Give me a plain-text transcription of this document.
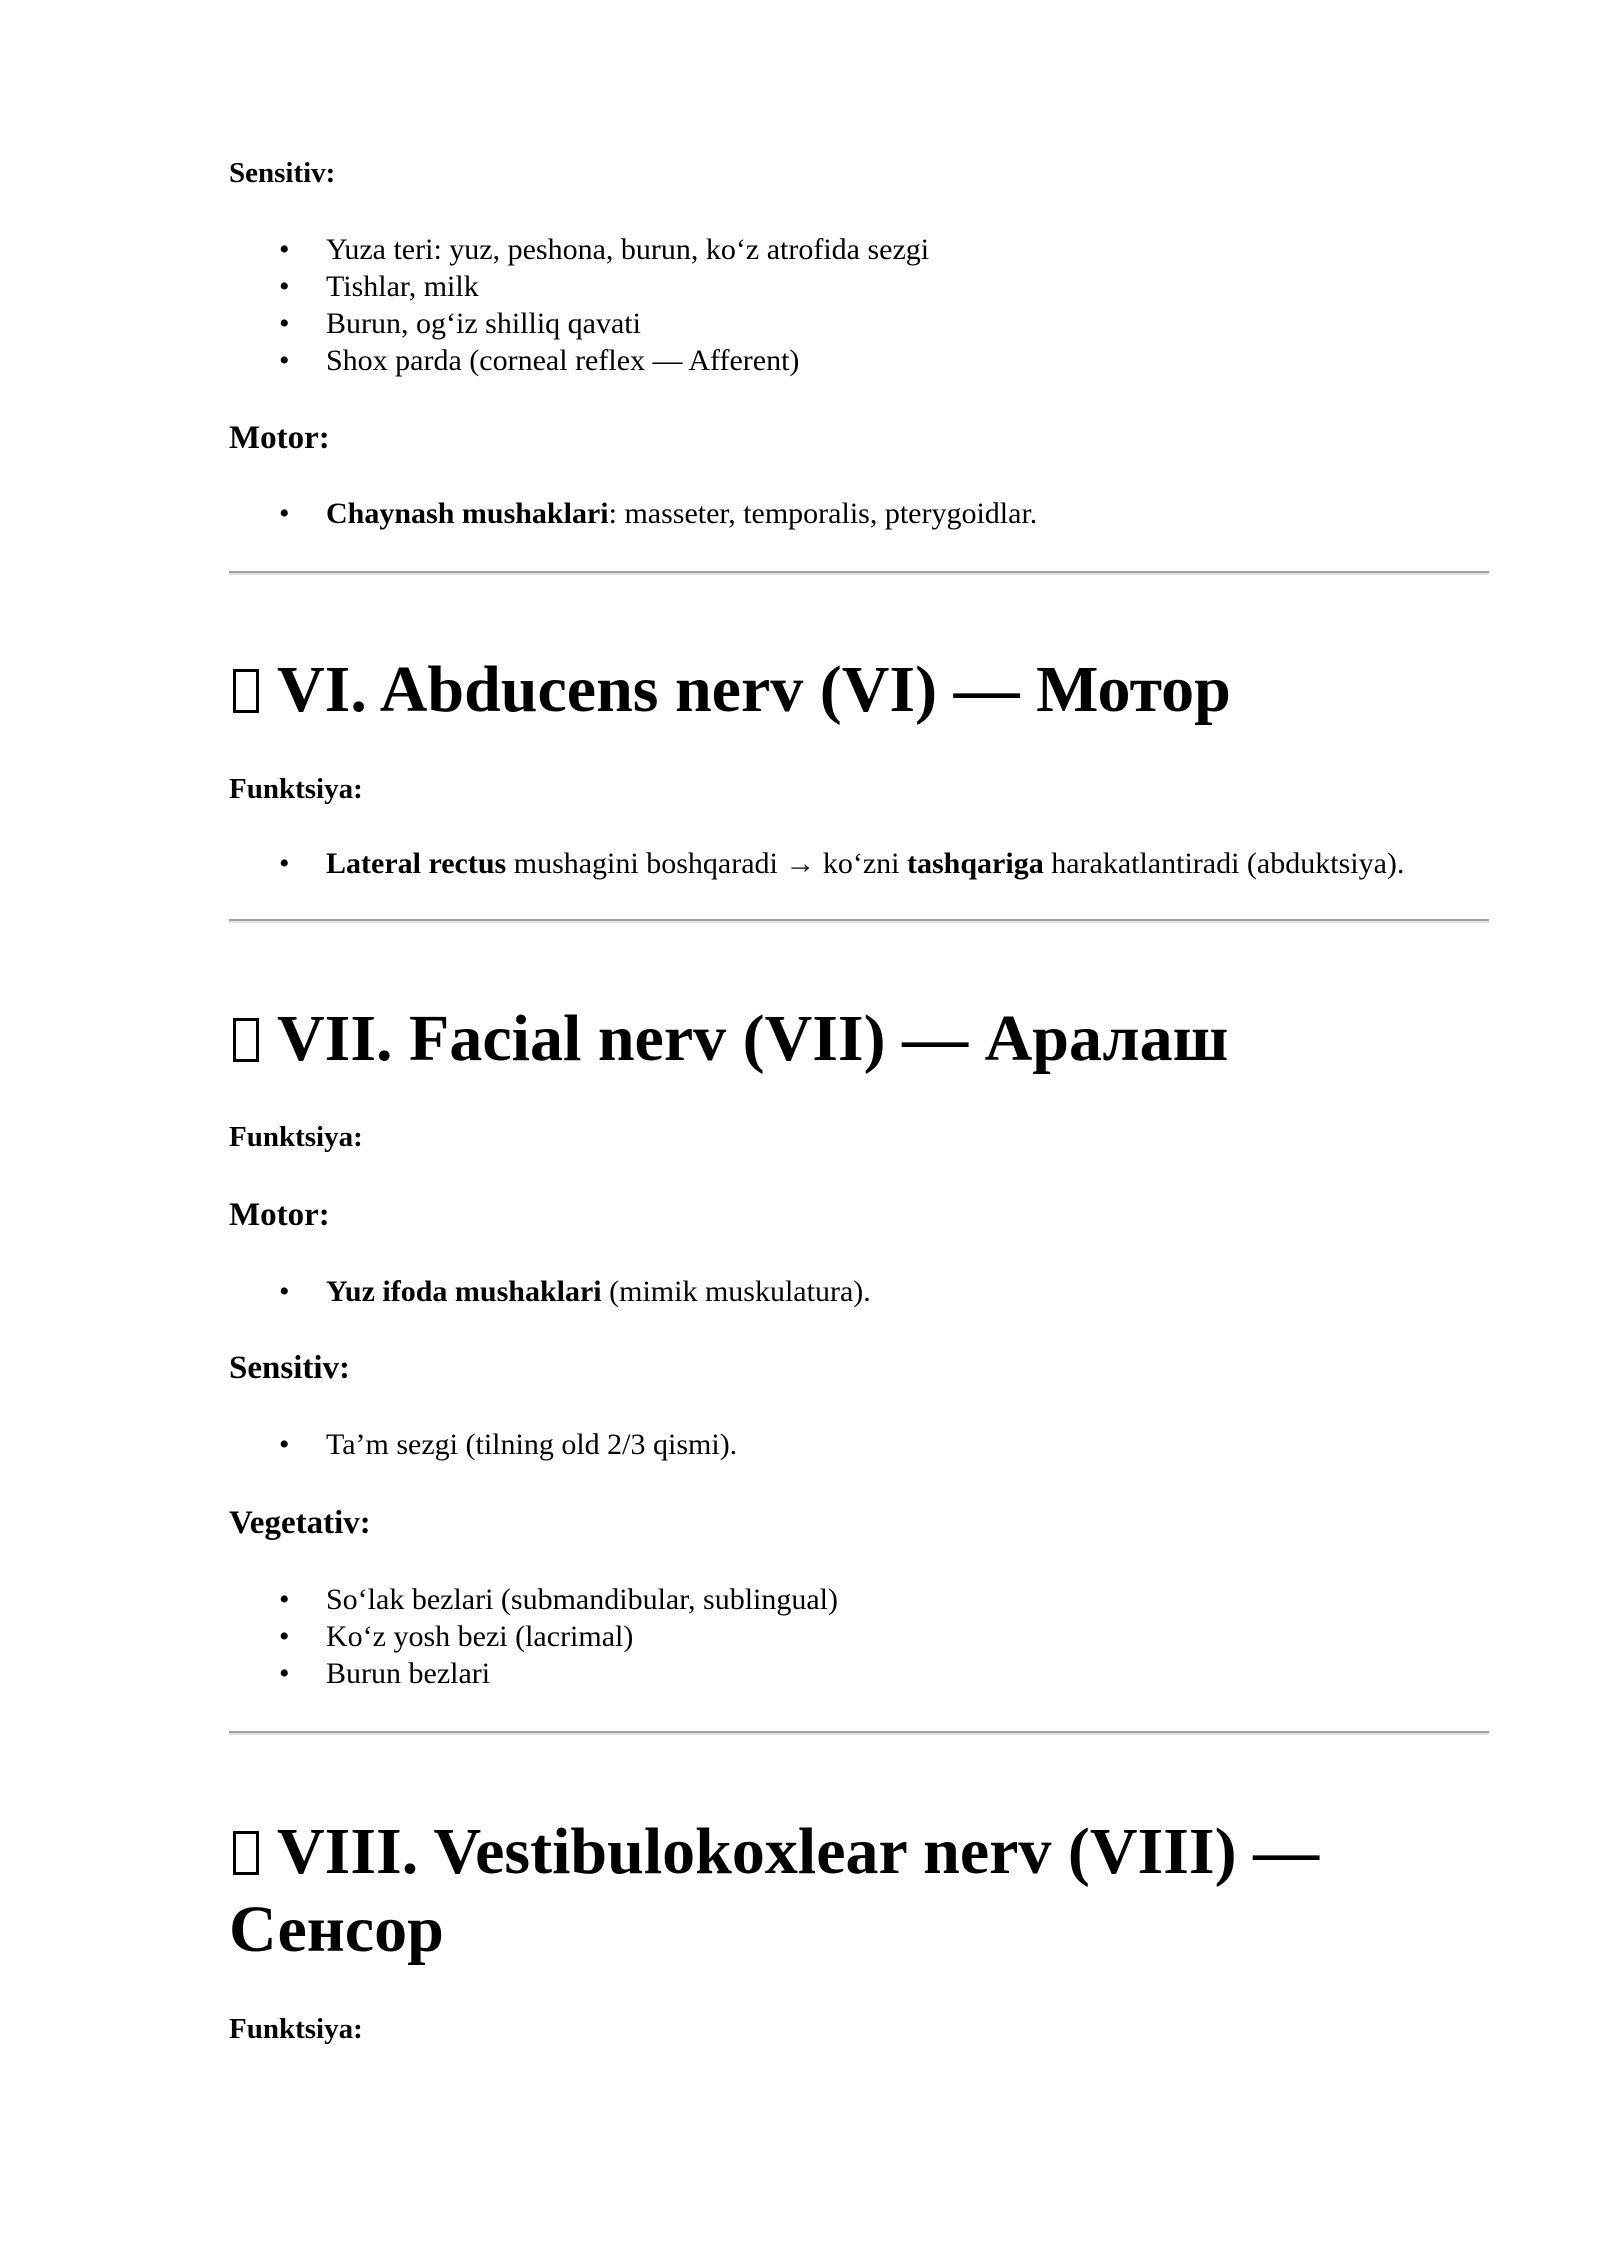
Sensitiv:
• Yuza teri: yuz, peshona, burun, ko‘z atrofida sezgi
• Tishlar, milk
• Burun, og‘iz shilliq qavati
• Shox parda (corneal reflex — Afferent)
Motor:
• Chaynash mushaklari: masseter, temporalis, pterygoidlar.
VI. Abducens nerv (VI) — Мотор
Funktsiya:
• Lateral rectus mushagini boshqaradi → ko‘zni tashqariga harakatlantiradi (abduktsiya).
VII. Facial nerv (VII) — Аралаш
Funktsiya:
Motor:
• Yuz ifoda mushaklari (mimik muskulatura).
Sensitiv:
• Ta’m sezgi (tilning old 2/3 qismi).
Vegetativ:
• So‘lak bezlari (submandibular, sublingual)
• Ko‘z yosh bezi (lacrimal)
• Burun bezlari
VIII. Vestibulokoxlear nerv (VIII) —
Сенсор
Funktsiya:
